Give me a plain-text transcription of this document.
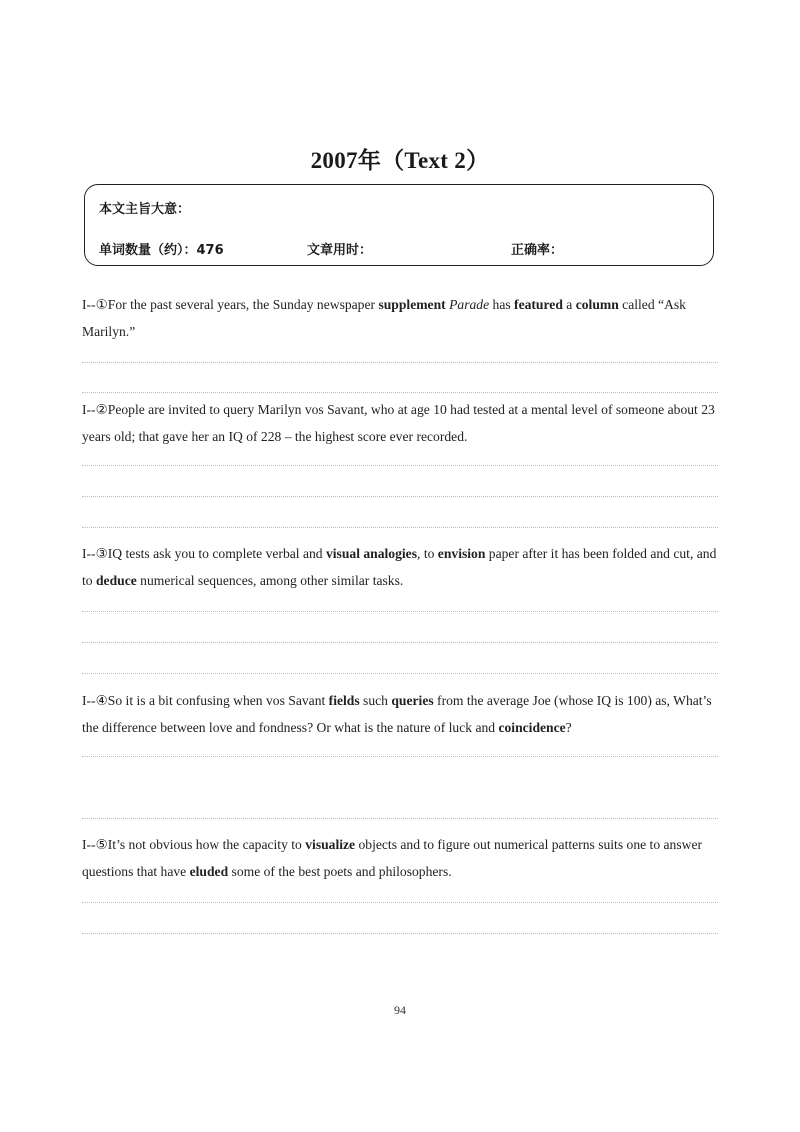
2007年（Text 2）
本文主旨大意：
单词数量（约）：476	文章用时：	正确率：
I--①For the past several years, the Sunday newspaper supplement Parade has featured a column called “Ask Marilyn.”
I--②People are invited to query Marilyn vos Savant, who at age 10 had tested at a mental level of someone about 23 years old; that gave her an IQ of 228 – the highest score ever recorded.
I--③IQ tests ask you to complete verbal and visual analogies, to envision paper after it has been folded and cut, and to deduce numerical sequences, among other similar tasks.
I--④So it is a bit confusing when vos Savant fields such queries from the average Joe (whose IQ is 100) as, What’s the difference between love and fondness? Or what is the nature of luck and coincidence?
I--⑤It’s not obvious how the capacity to visualize objects and to figure out numerical patterns suits one to answer questions that have eluded some of the best poets and philosophers.
94
